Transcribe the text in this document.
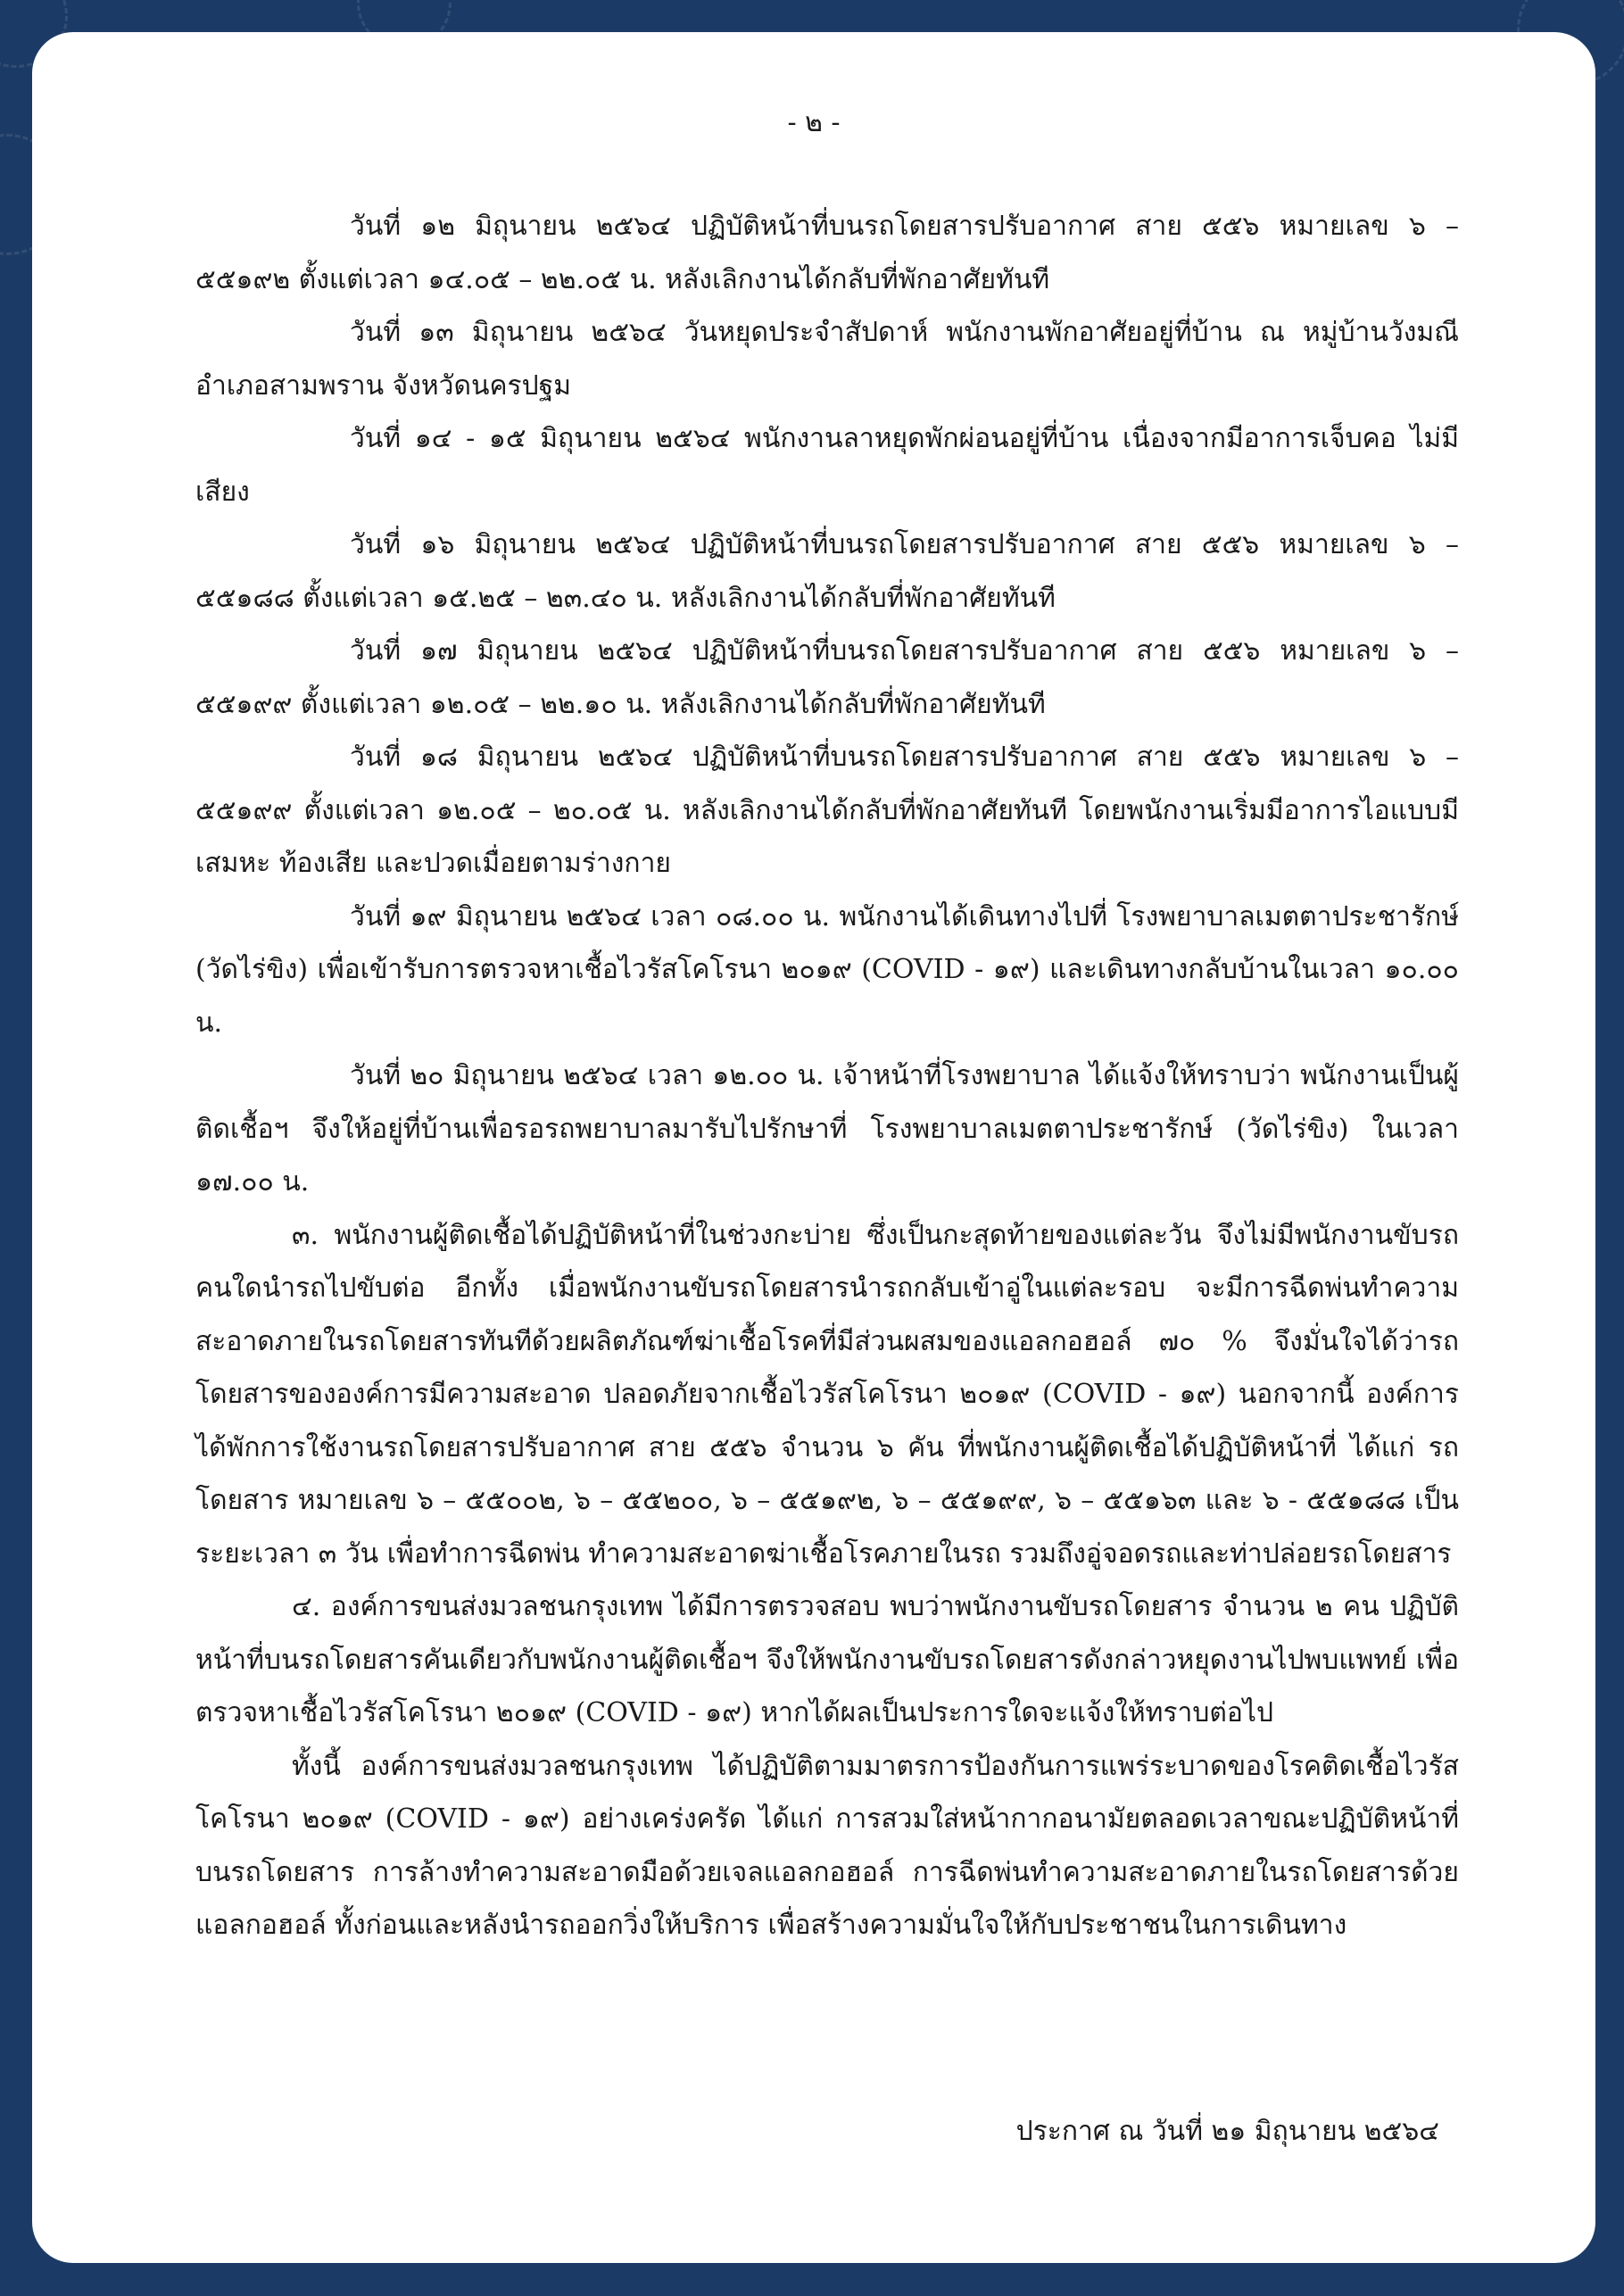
- ๒ -

วันที่ ๑๒ มิถุนายน ๒๕๖๔ ปฏิบัติหน้าที่บนรถโดยสารปรับอากาศ สาย ๕๕๖ หมายเลข ๖ – ๕๕๑๙๒ ตั้งแต่เวลา ๑๔.๐๕ – ๒๒.๐๕ น. หลังเลิกงานได้กลับที่พักอาศัยทันที

วันที่ ๑๓ มิถุนายน ๒๕๖๔ วันหยุดประจำสัปดาห์ พนักงานพักอาศัยอยู่ที่บ้าน ณ หมู่บ้านวังมณี อำเภอสามพราน จังหวัดนครปฐม

วันที่ ๑๔ - ๑๕ มิถุนายน ๒๕๖๔ พนักงานลาหยุดพักผ่อนอยู่ที่บ้าน เนื่องจากมีอาการเจ็บคอ ไม่มีเสียง

วันที่ ๑๖ มิถุนายน ๒๕๖๔ ปฏิบัติหน้าที่บนรถโดยสารปรับอากาศ สาย ๕๕๖ หมายเลข ๖ – ๕๕๑๘๘ ตั้งแต่เวลา ๑๕.๒๕ – ๒๓.๔๐ น. หลังเลิกงานได้กลับที่พักอาศัยทันที

วันที่ ๑๗ มิถุนายน ๒๕๖๔ ปฏิบัติหน้าที่บนรถโดยสารปรับอากาศ สาย ๕๕๖ หมายเลข ๖ – ๕๕๑๙๙ ตั้งแต่เวลา ๑๒.๐๕ – ๒๒.๑๐ น. หลังเลิกงานได้กลับที่พักอาศัยทันที

วันที่ ๑๘ มิถุนายน ๒๕๖๔ ปฏิบัติหน้าที่บนรถโดยสารปรับอากาศ สาย ๕๕๖ หมายเลข ๖ – ๕๕๑๙๙ ตั้งแต่เวลา ๑๒.๐๕ – ๒๐.๐๕ น. หลังเลิกงานได้กลับที่พักอาศัยทันที โดยพนักงานเริ่มมีอาการไอแบบมีเสมหะ ท้องเสีย และปวดเมื่อยตามร่างกาย

วันที่ ๑๙ มิถุนายน ๒๕๖๔ เวลา ๐๘.๐๐ น. พนักงานได้เดินทางไปที่ โรงพยาบาลเมตตาประชารักษ์ (วัดไร่ขิง) เพื่อเข้ารับการตรวจหาเชื้อไวรัสโคโรนา ๒๐๑๙ (COVID - ๑๙) และเดินทางกลับบ้านในเวลา ๑๐.๐๐ น.

วันที่ ๒๐ มิถุนายน ๒๕๖๔ เวลา ๑๒.๐๐ น. เจ้าหน้าที่โรงพยาบาล ได้แจ้งให้ทราบว่า พนักงานเป็นผู้ติดเชื้อฯ จึงให้อยู่ที่บ้านเพื่อรอรถพยาบาลมารับไปรักษาที่ โรงพยาบาลเมตตาประชารักษ์ (วัดไร่ขิง) ในเวลา ๑๗.๐๐ น.

๓. พนักงานผู้ติดเชื้อได้ปฏิบัติหน้าที่ในช่วงกะบ่าย ซึ่งเป็นกะสุดท้ายของแต่ละวัน จึงไม่มีพนักงานขับรถคนใดนำรถไปขับต่อ อีกทั้ง เมื่อพนักงานขับรถโดยสารนำรถกลับเข้าอู่ในแต่ละรอบ จะมีการฉีดพ่นทำความสะอาดภายในรถโดยสารทันทีด้วยผลิตภัณฑ์ฆ่าเชื้อโรคที่มีส่วนผสมของแอลกอฮอล์ ๗๐ % จึงมั่นใจได้ว่ารถโดยสารขององค์การมีความสะอาด ปลอดภัยจากเชื้อไวรัสโคโรนา ๒๐๑๙ (COVID - ๑๙) นอกจากนี้ องค์การได้พักการใช้งานรถโดยสารปรับอากาศ สาย ๕๕๖ จำนวน ๖ คัน ที่พนักงานผู้ติดเชื้อได้ปฏิบัติหน้าที่ ได้แก่ รถโดยสาร หมายเลข ๖ – ๕๕๐๐๒, ๖ – ๕๕๒๐๐, ๖ – ๕๕๑๙๒, ๖ – ๕๕๑๙๙, ๖ – ๕๕๑๖๓ และ ๖ - ๕๕๑๘๘ เป็นระยะเวลา ๓ วัน เพื่อทำการฉีดพ่น ทำความสะอาดฆ่าเชื้อโรคภายในรถ รวมถึงอู่จอดรถและท่าปล่อยรถโดยสาร

๔. องค์การขนส่งมวลชนกรุงเทพ ได้มีการตรวจสอบ พบว่าพนักงานขับรถโดยสาร จำนวน ๒ คน ปฏิบัติหน้าที่บนรถโดยสารคันเดียวกับพนักงานผู้ติดเชื้อฯ จึงให้พนักงานขับรถโดยสารดังกล่าวหยุดงานไปพบแพทย์ เพื่อตรวจหาเชื้อไวรัสโคโรนา ๒๐๑๙ (COVID - ๑๙) หากได้ผลเป็นประการใดจะแจ้งให้ทราบต่อไป

ทั้งนี้ องค์การขนส่งมวลชนกรุงเทพ ได้ปฏิบัติตามมาตรการป้องกันการแพร่ระบาดของโรคติดเชื้อไวรัสโคโรนา ๒๐๑๙ (COVID - ๑๙) อย่างเคร่งครัด ได้แก่ การสวมใส่หน้ากากอนามัยตลอดเวลาขณะปฏิบัติหน้าที่บนรถโดยสาร การล้างทำความสะอาดมือด้วยเจลแอลกอฮอล์ การฉีดพ่นทำความสะอาดภายในรถโดยสารด้วยแอลกอฮอล์ ทั้งก่อนและหลังนำรถออกวิ่งให้บริการ เพื่อสร้างความมั่นใจให้กับประชาชนในการเดินทาง

ประกาศ ณ วันที่ ๒๑ มิถุนายน ๒๕๖๔
